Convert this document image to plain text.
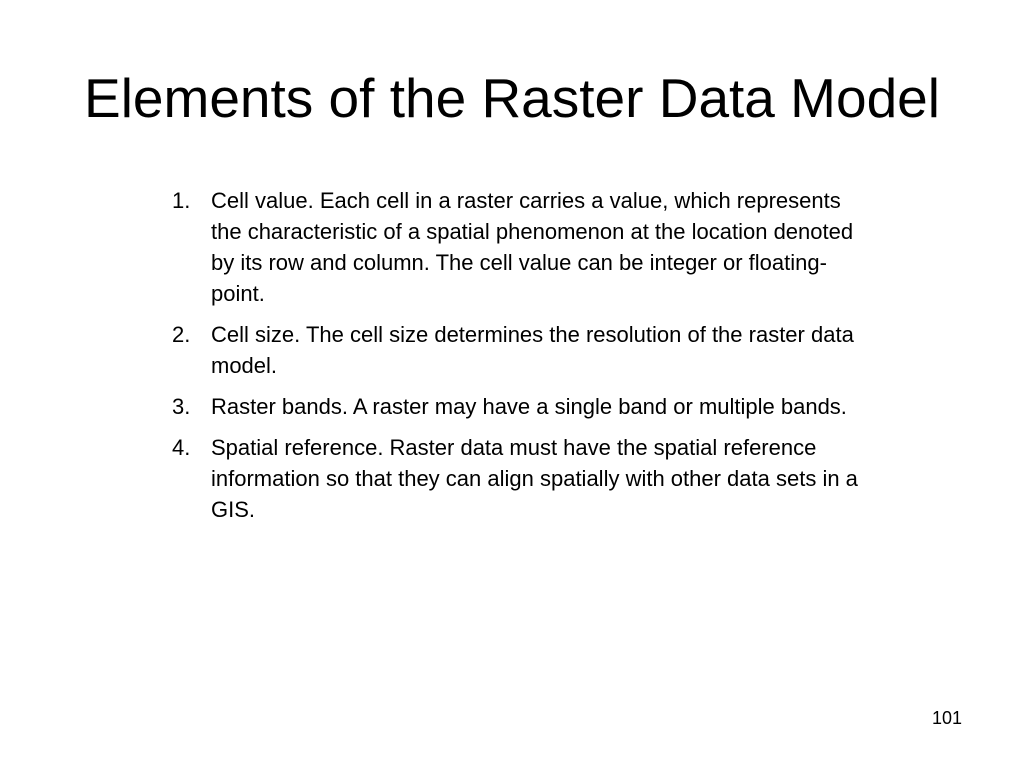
Elements of the Raster Data Model
1. Cell value. Each cell in a raster carries a value, which represents the characteristic of a spatial phenomenon at the location denoted by its row and column. The cell value can be integer or floating-point.
2. Cell size. The cell size determines the resolution of the raster data model.
3. Raster bands. A raster may have a single band or multiple bands.
4. Spatial reference. Raster data must have the spatial reference information so that they can align spatially with other data sets in a GIS.
101
